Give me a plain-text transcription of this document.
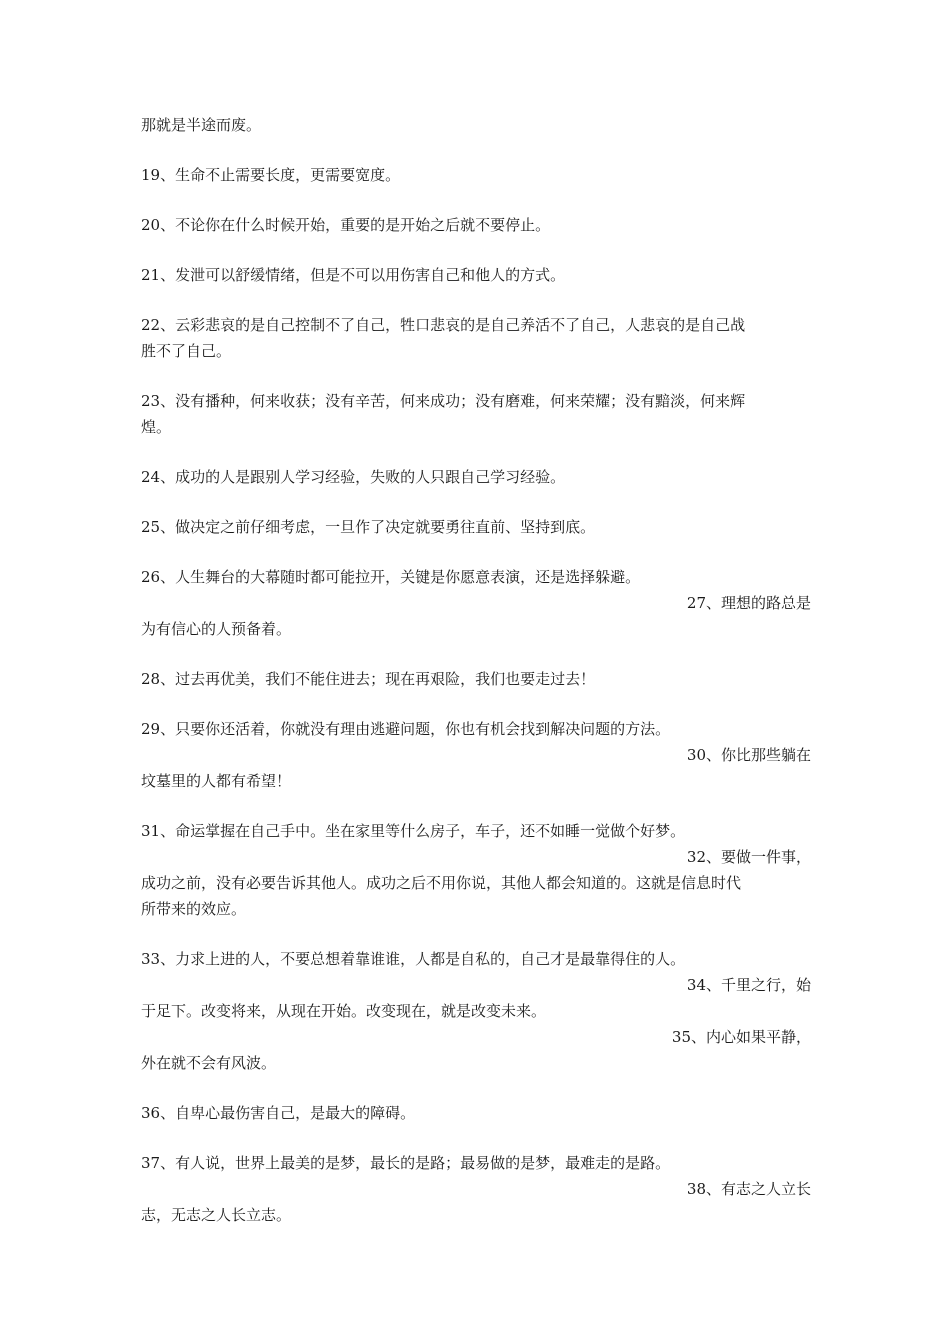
那就是半途而废。
19、生命不止需要长度，更需要宽度。
20、不论你在什么时候开始，重要的是开始之后就不要停止。
21、发泄可以舒缓情绪，但是不可以用伤害自己和他人的方式。
22、云彩悲哀的是自己控制不了自己，牲口悲哀的是自己养活不了自己，人悲哀的是自己战
胜不了自己。
23、没有播种，何来收获；没有辛苦，何来成功；没有磨难，何来荣耀；没有黯淡，何来辉
煌。
24、成功的人是跟别人学习经验，失败的人只跟自己学习经验。
25、做决定之前仔细考虑，一旦作了决定就要勇往直前、坚持到底。
26、人生舞台的大幕随时都可能拉开，关键是你愿意表演，还是选择躲避。
27、理想的路总是
为有信心的人预备着。
28、过去再优美，我们不能住进去；现在再艰险，我们也要走过去！
29、只要你还活着，你就没有理由逃避问题，你也有机会找到解决问题的方法。
30、你比那些躺在
坟墓里的人都有希望！
31、命运掌握在自己手中。坐在家里等什么房子，车子，还不如睡一觉做个好梦。
32、要做一件事，
成功之前，没有必要告诉其他人。成功之后不用你说，其他人都会知道的。这就是信息时代
所带来的效应。
33、力求上进的人，不要总想着靠谁谁，人都是自私的，自己才是最靠得住的人。
34、千里之行，始
于足下。改变将来，从现在开始。改变现在，就是改变未来。
35、内心如果平静，
外在就不会有风波。
36、自卑心最伤害自己，是最大的障碍。
37、有人说，世界上最美的是梦，最长的是路；最易做的是梦，最难走的是路。
38、有志之人立长
志，无志之人长立志。
